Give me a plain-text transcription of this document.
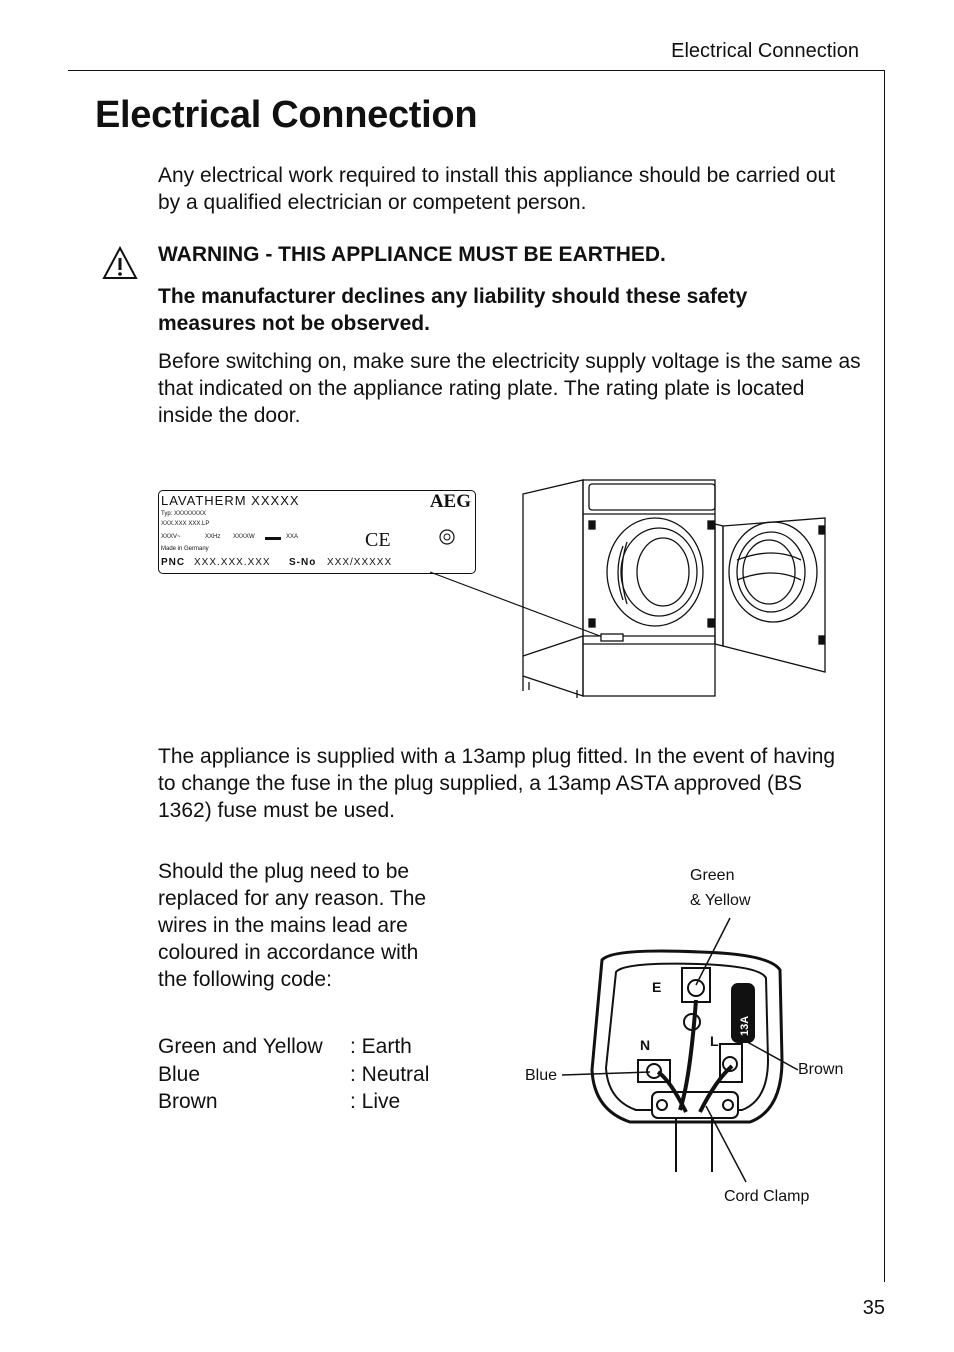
Electrical Connection
Electrical Connection
Any electrical work required to install this appliance should be carried out by a qualified electrician or competent person.
WARNING - THIS APPLIANCE MUST BE EARTHED.
The manufacturer declines any liability should these safety measures not be observed.
Before switching on, make sure the electricity supply voltage is the same as that indicated on the appliance rating plate. The rating plate is located inside the door.
LAVATHERM XXXXX	AEG
Typ: XXXXXXXX
XXX.XXX XXX.LP
XXXV~	XXHz XXXXW	XXA
Made in Germany
PNC XXX.XXX.XXX S-No XXX/XXXXX
CE
The appliance is supplied with a 13amp plug fitted. In the event of having to change the fuse in the plug supplied, a 13amp ASTA approved (BS 1362) fuse must be used.
Should the plug need to be replaced for any reason. The wires in the mains lead are coloured in accordance with the following code:
Green and Yellow : Earth
Blue	: Neutral
Brown	: Live
E
N	L
13A
Green
& Yellow
Blue	Brown
Cord Clamp
35
